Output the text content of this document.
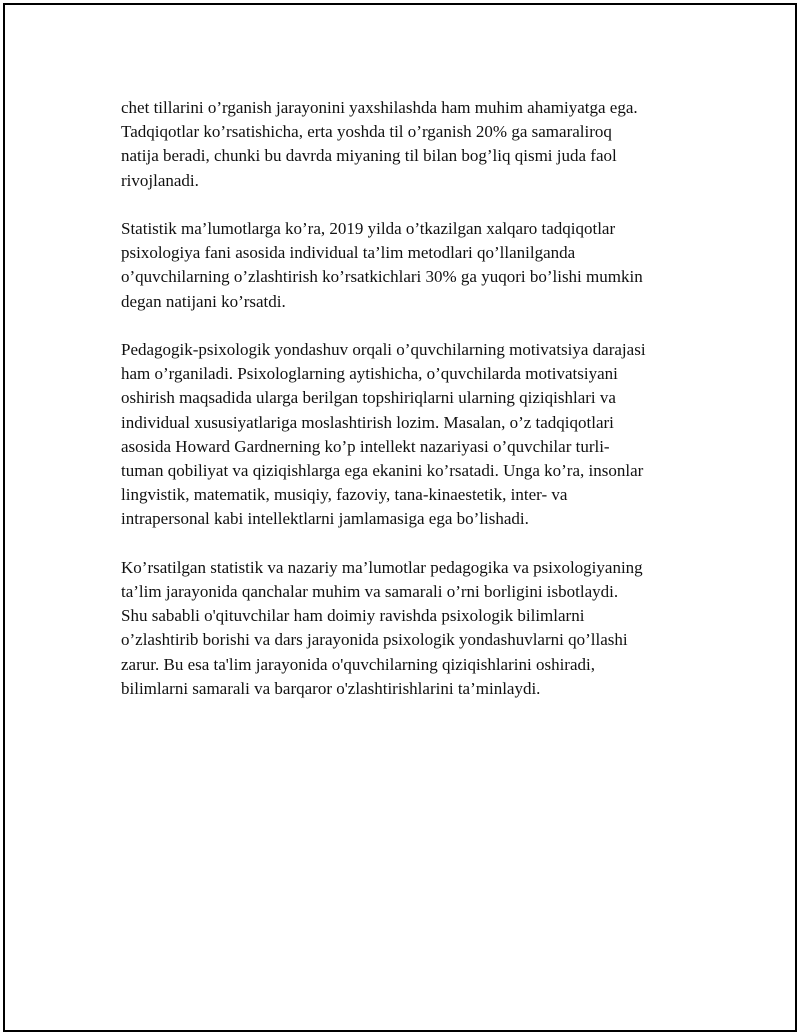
chet tillarini o’rganish jarayonini yaxshilashda ham muhim ahamiyatga ega.
Tadqiqotlar ko’rsatishicha, erta yoshda til o’rganish 20% ga samaraliroq
natija beradi, chunki bu davrda miyaning til bilan bog’liq qismi juda faol
rivojlanadi.

Statistik ma’lumotlarga ko’ra, 2019 yilda o’tkazilgan xalqaro tadqiqotlar
psixologiya fani asosida individual ta’lim metodlari qo’llanilganda
o’quvchilarning o’zlashtirish ko’rsatkichlari 30% ga yuqori bo’lishi mumkin
degan natijani ko’rsatdi.

Pedagogik-psixologik yondashuv orqali o’quvchilarning motivatsiya darajasi
ham o’rganiladi. Psixologlarning aytishicha, o’quvchilarda motivatsiyani
oshirish maqsadida ularga berilgan topshiriqlarni ularning qiziqishlari va
individual xususiyatlariga moslashtirish lozim. Masalan, o’z tadqiqotlari
asosida Howard Gardnerning ko’p intellekt nazariyasi o’quvchilar turli-
tuman qobiliyat va qiziqishlarga ega ekanini ko’rsatadi. Unga ko’ra, insonlar
lingvistik, matematik, musiqiy, fazoviy, tana-kinaestetik, inter- va
intrapersonal kabi intellektlarni jamlamasiga ega bo’lishadi.

Ko’rsatilgan statistik va nazariy ma’lumotlar pedagogika va psixologiyaning
ta’lim jarayonida qanchalar muhim va samarali o’rni borligini isbotlaydi.
Shu sababli o'qituvchilar ham doimiy ravishda psixologik bilimlarni
o’zlashtirib borishi va dars jarayonida psixologik yondashuvlarni qo’llashi
zarur. Bu esa ta'lim jarayonida o'quvchilarning qiziqishlarini oshiradi,
bilimlarni samarali va barqaror o'zlashtirishlarini ta’minlaydi.
